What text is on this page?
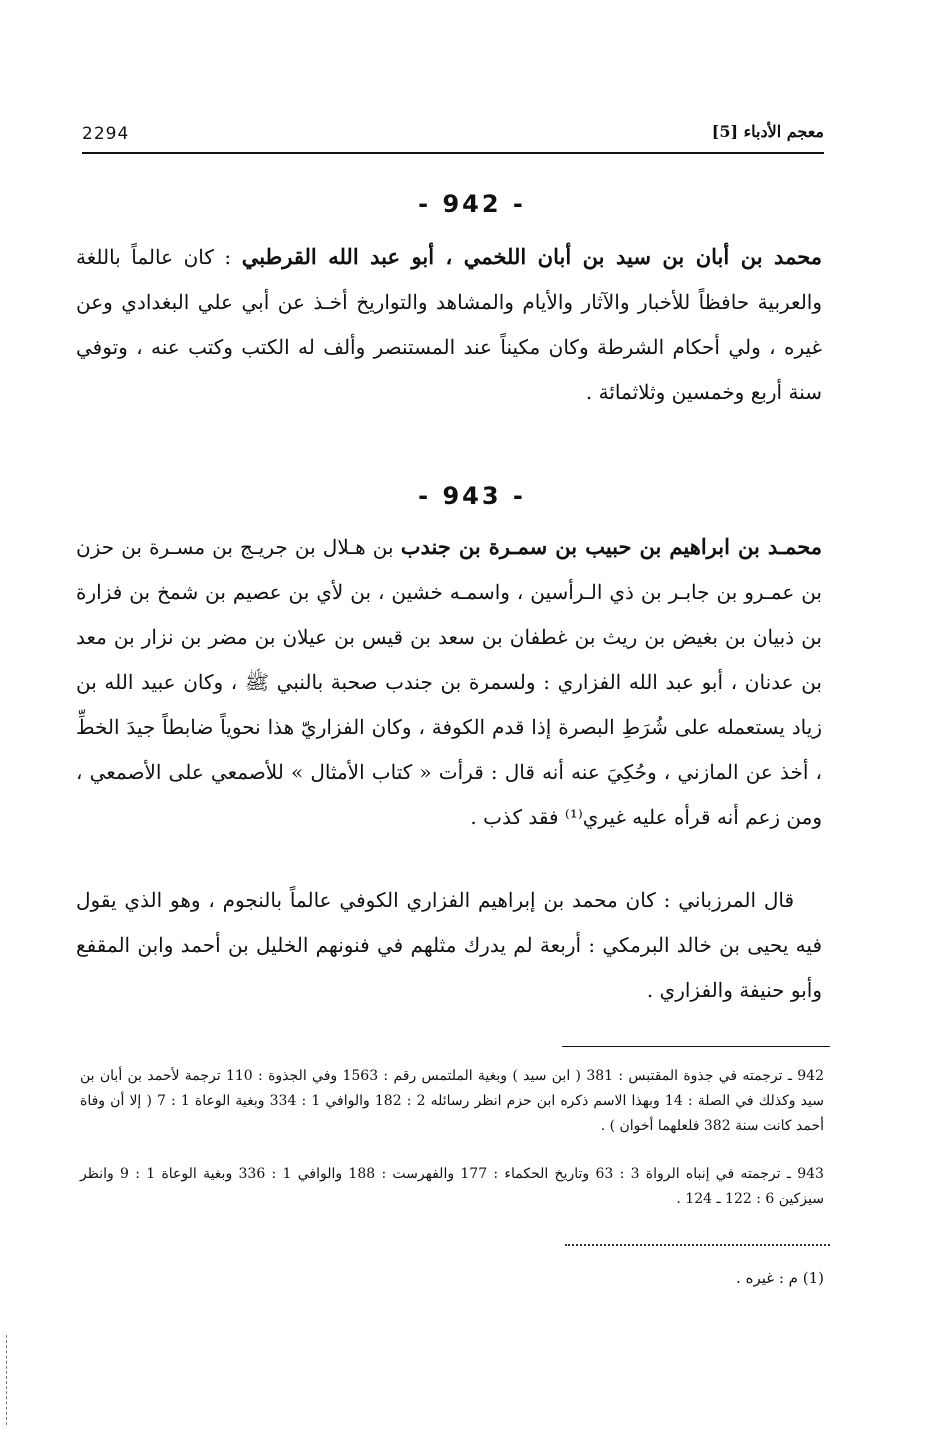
2294	معجم الأدباء [5]
- 942 -
محمد بن أبان بن سيد بن أبان اللخمي ، أبو عبد الله القرطبي : كان عالماً باللغة والعربية حافظاً للأخبار والآثار والأيام والمشاهد والتواريخ أخـذ عن أبي علي البغدادي وعن غيره ، ولي أحكام الشرطة وكان مكيناً عند المستنصر وألف له الكتب وكتب عنه ، وتوفي سنة أربع وخمسين وثلاثمائة .
- 943 -
محمـد بن ابراهيم بن حبيب بن سمـرة بن جندب بن هـلال بن جريـج بن مسـرة بن حزن بن عمـرو بن جابـر بن ذي الـرأسين ، واسمـه خشين ، بن لأي بن عصيم بن شمخ بن فزارة بن ذبيان بن بغيض بن ريث بن غطفان بن سعد بن قيس بن عيلان بن مضر بن نزار بن معد بن عدنان ، أبو عبد الله الفزاري : ولسمرة بن جندب صحبة بالنبي ﷺ ، وكان عبيد الله بن زياد يستعمله على شُرَطِ البصرة إذا قدم الكوفة ، وكان الفزاريّ هذا نحوياً ضابطاً جيدَ الخطِّ ، أخذ عن المازني ، وحُكِيَ عنه أنه قال : قرأت « كتاب الأمثال » للأصمعي على الأصمعي ، ومن زعم أنه قرأه عليه غيري⁽¹⁾ فقد كذب .
قال المرزباني : كان محمد بن إبراهيم الفزاري الكوفي عالماً بالنجوم ، وهو الذي يقول فيه يحيى بن خالد البرمكي : أربعة لم يدرك مثلهم في فنونهم الخليل بن أحمد وابن المقفع وأبو حنيفة والفزاري .
942 ـ ترجمته في جذوة المقتبس : 381 ( ابن سيد ) وبغية الملتمس رقم : 1563 وفي الجذوة : 110 ترجمة لأحمد بن أبان بن سيد وكذلك في الصلة : 14 وبهذا الاسم ذكره ابن حزم انظر رسائله 2 : 182 والوافي 1 : 334 وبغية الوعاة 1 : 7 ( إلا أن وفاة أحمد كانت سنة 382 فلعلهما أخوان ) .
943 ـ ترجمته في إنباه الرواة 3 : 63 وتاريخ الحكماء : 177 والفهرست : 188 والوافي 1 : 336 وبغية الوعاة 1 : 9 وانظر سيزكين 6 : 122 ـ 124 .
(1) م : غيره .
